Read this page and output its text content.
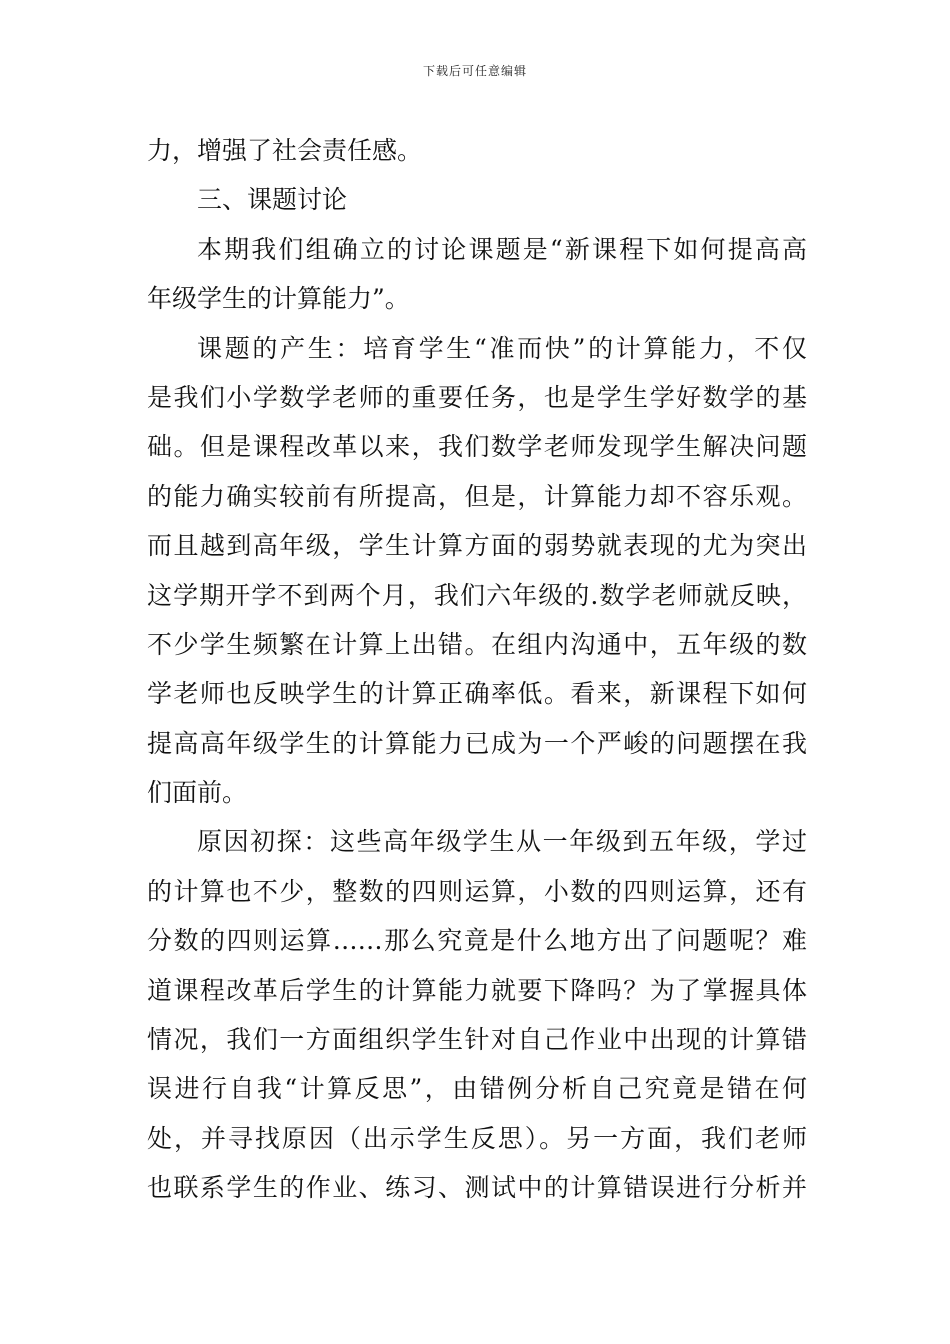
下载后可任意编辑
力，增强了社会责任感。
三、课题讨论
本期我们组确立的讨论课题是“新课程下如何提高高
年级学生的计算能力”。
课题的产生：培育学生“准而快”的计算能力，不仅
是我们小学数学老师的重要任务，也是学生学好数学的基
础。但是课程改革以来，我们数学老师发现学生解决问题
的能力确实较前有所提高，但是，计算能力却不容乐观。
而且越到高年级，学生计算方面的弱势就表现的尤为突出
这学期开学不到两个月，我们六年级的.数学老师就反映，
不少学生频繁在计算上出错。在组内沟通中，五年级的数
学老师也反映学生的计算正确率低。看来，新课程下如何
提高高年级学生的计算能力已成为一个严峻的问题摆在我
们面前。
原因初探：这些高年级学生从一年级到五年级，学过
的计算也不少，整数的四则运算，小数的四则运算，还有
分数的四则运算……那么究竟是什么地方出了问题呢？难
道课程改革后学生的计算能力就要下降吗？为了掌握具体
情况，我们一方面组织学生针对自己作业中出现的计算错
误进行自我“计算反思”，由错例分析自己究竟是错在何
处，并寻找原因（出示学生反思）。另一方面，我们老师
也联系学生的作业、练习、测试中的计算错误进行分析并
